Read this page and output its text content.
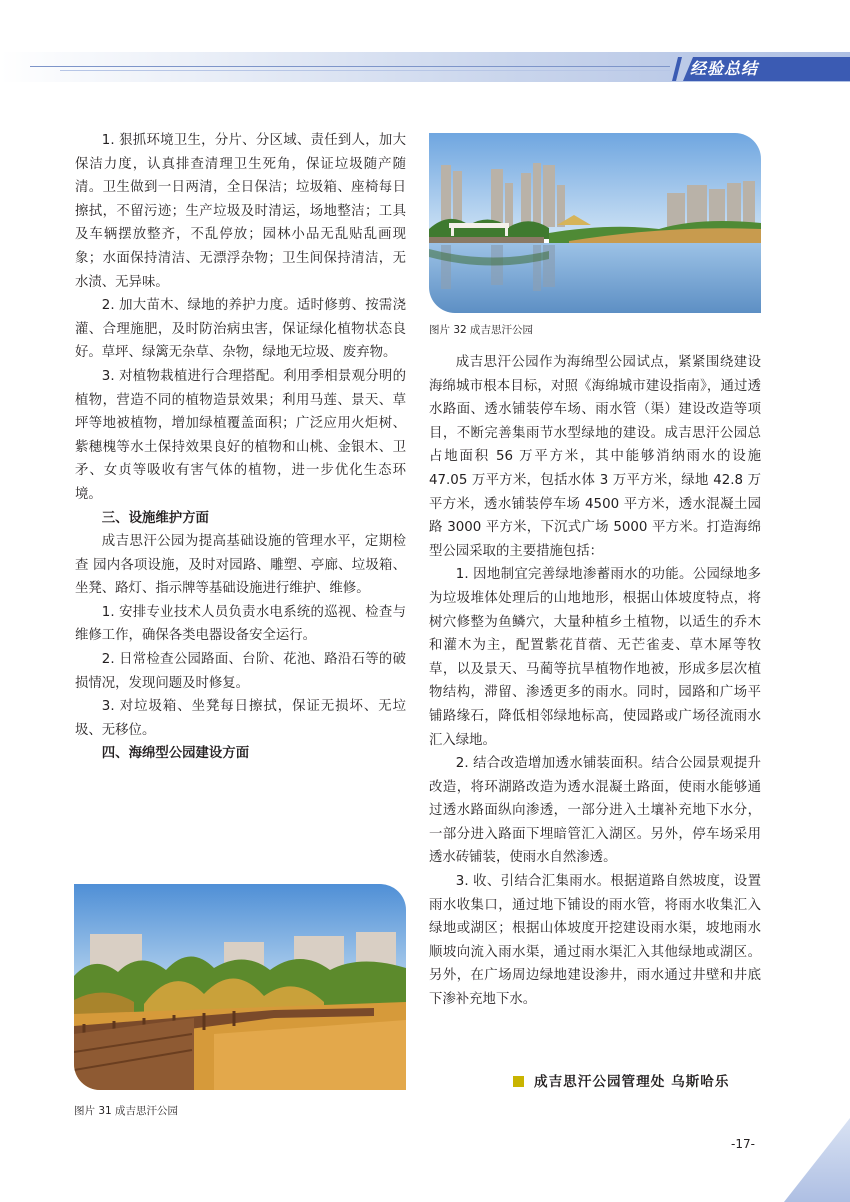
经验总结

1. 狠抓环境卫生，分片、分区域、责任到人，加大保洁力度，认真排查清理卫生死角，保证垃圾随产随清。卫生做到一日两清，全日保洁；垃圾箱、座椅每日擦拭，不留污迹；生产垃圾及时清运，场地整洁；工具及车辆摆放整齐，不乱停放；园林小品无乱贴乱画现象；水面保持清洁、无漂浮杂物；卫生间保持清洁，无水渍、无异味。

2. 加大苗木、绿地的养护力度。适时修剪、按需浇灌、合理施肥，及时防治病虫害，保证绿化植物状态良好。草坪、绿篱无杂草、杂物，绿地无垃圾、废弃物。

3. 对植物栽植进行合理搭配。利用季相景观分明的植物，营造不同的植物造景效果；利用马莲、景天、草坪等地被植物，增加绿植覆盖面积；广泛应用火炬树、紫穗槐等水土保持效果良好的植物和山桃、金银木、卫矛、女贞等吸收有害气体的植物，进一步优化生态环境。

三、设施维护方面

成吉思汗公园为提高基础设施的管理水平，定期检查 园内各项设施，及时对园路、雕塑、亭廊、垃圾箱、坐凳、路灯、指示牌等基础设施进行维护、维修。

1. 安排专业技术人员负责水电系统的巡视、检查与维修工作，确保各类电器设备安全运行。

2. 日常检查公园路面、台阶、花池、路沿石等的破损情况，发现问题及时修复。

3. 对垃圾箱、坐凳每日擦拭，保证无损坏、无垃圾、无移位。

四、海绵型公园建设方面

图片 32 成吉思汗公园

成吉思汗公园作为海绵型公园试点，紧紧围绕建设海绵城市根本目标，对照《海绵城市建设指南》，通过透水路面、透水铺装停车场、雨水管（渠）建设改造等项目，不断完善集雨节水型绿地的建设。成吉思汗公园总占地面积 56 万平方米，其中能够消纳雨水的设施 47.05 万平方米，包括水体 3 万平方米，绿地 42.8 万平方米，透水铺装停车场 4500 平方米，透水混凝土园路 3000 平方米，下沉式广场 5000 平方米。打造海绵型公园采取的主要措施包括：

1. 因地制宜完善绿地渗蓄雨水的功能。公园绿地多为垃圾堆体处理后的山地地形，根据山体坡度特点，将树穴修整为鱼鳞穴，大量种植乡土植物，以适生的乔木和灌木为主，配置紫花苜蓿、无芒雀麦、草木犀等牧草，以及景天、马蔺等抗旱植物作地被，形成多层次植物结构，滞留、渗透更多的雨水。同时，园路和广场平铺路缘石，降低相邻绿地标高，使园路或广场径流雨水汇入绿地。

2. 结合改造增加透水铺装面积。结合公园景观提升改造，将环湖路改造为透水混凝土路面，使雨水能够通过透水路面纵向渗透，一部分进入土壤补充地下水分，一部分进入路面下埋暗管汇入湖区。另外，停车场采用透水砖铺装，使雨水自然渗透。

3. 收、引结合汇集雨水。根据道路自然坡度，设置雨水收集口，通过地下铺设的雨水管，将雨水收集汇入绿地或湖区；根据山体坡度开挖建设雨水渠，坡地雨水顺坡向流入雨水渠，通过雨水渠汇入其他绿地或湖区。另外，在广场周边绿地建设渗井，雨水通过井壁和井底下渗补充地下水。

成吉思汗公园管理处 乌斯哈乐
图片 31 成吉思汗公园
-17-
